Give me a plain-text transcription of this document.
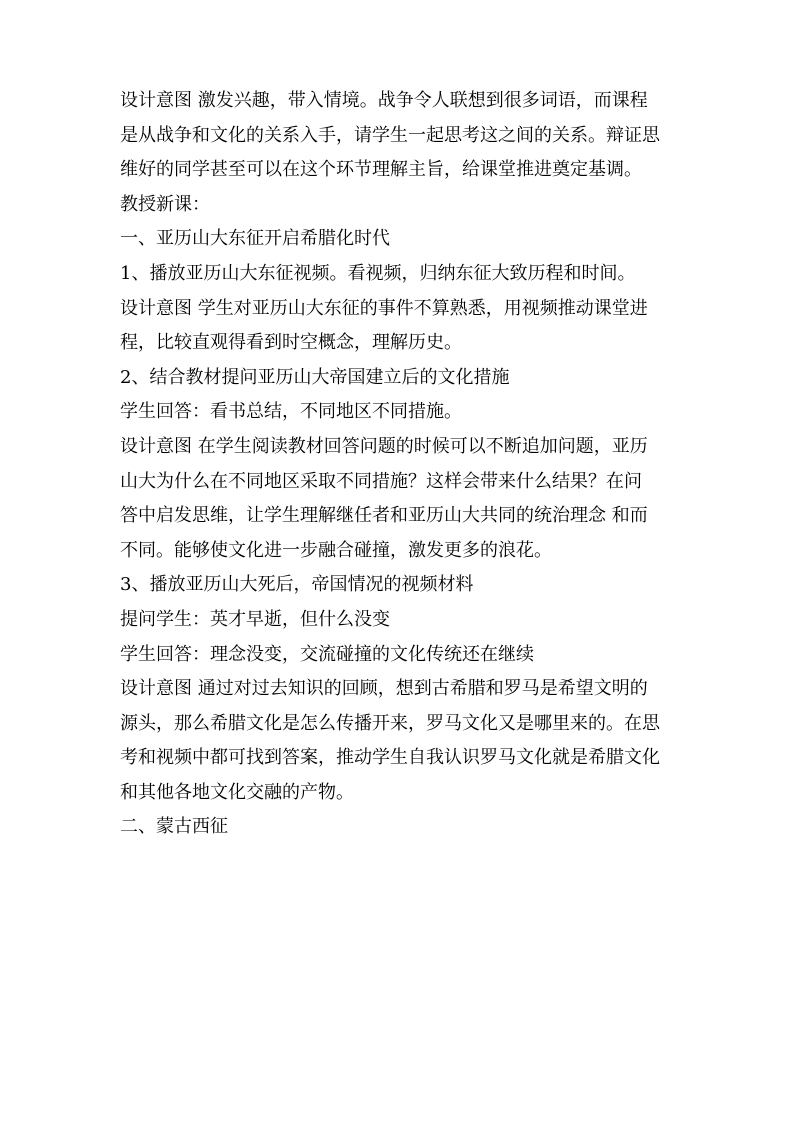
设计意图 激发兴趣，带入情境。战争令人联想到很多词语，而课程
是从战争和文化的关系入手，请学生一起思考这之间的关系。辩证思
维好的同学甚至可以在这个环节理解主旨，给课堂推进奠定基调。
教授新课：
一、亚历山大东征开启希腊化时代
1、播放亚历山大东征视频。看视频，归纳东征大致历程和时间。
设计意图 学生对亚历山大东征的事件不算熟悉，用视频推动课堂进
程，比较直观得看到时空概念，理解历史。
2、结合教材提问亚历山大帝国建立后的文化措施
学生回答：看书总结，不同地区不同措施。
设计意图 在学生阅读教材回答问题的时候可以不断追加问题，亚历
山大为什么在不同地区采取不同措施？这样会带来什么结果？在问
答中启发思维，让学生理解继任者和亚历山大共同的统治理念 和而
不同。能够使文化进一步融合碰撞，激发更多的浪花。
3、播放亚历山大死后，帝国情况的视频材料
提问学生：英才早逝，但什么没变
学生回答：理念没变，交流碰撞的文化传统还在继续
设计意图 通过对过去知识的回顾，想到古希腊和罗马是希望文明的
源头，那么希腊文化是怎么传播开来，罗马文化又是哪里来的。在思
考和视频中都可找到答案，推动学生自我认识罗马文化就是希腊文化
和其他各地文化交融的产物。
二、蒙古西征
